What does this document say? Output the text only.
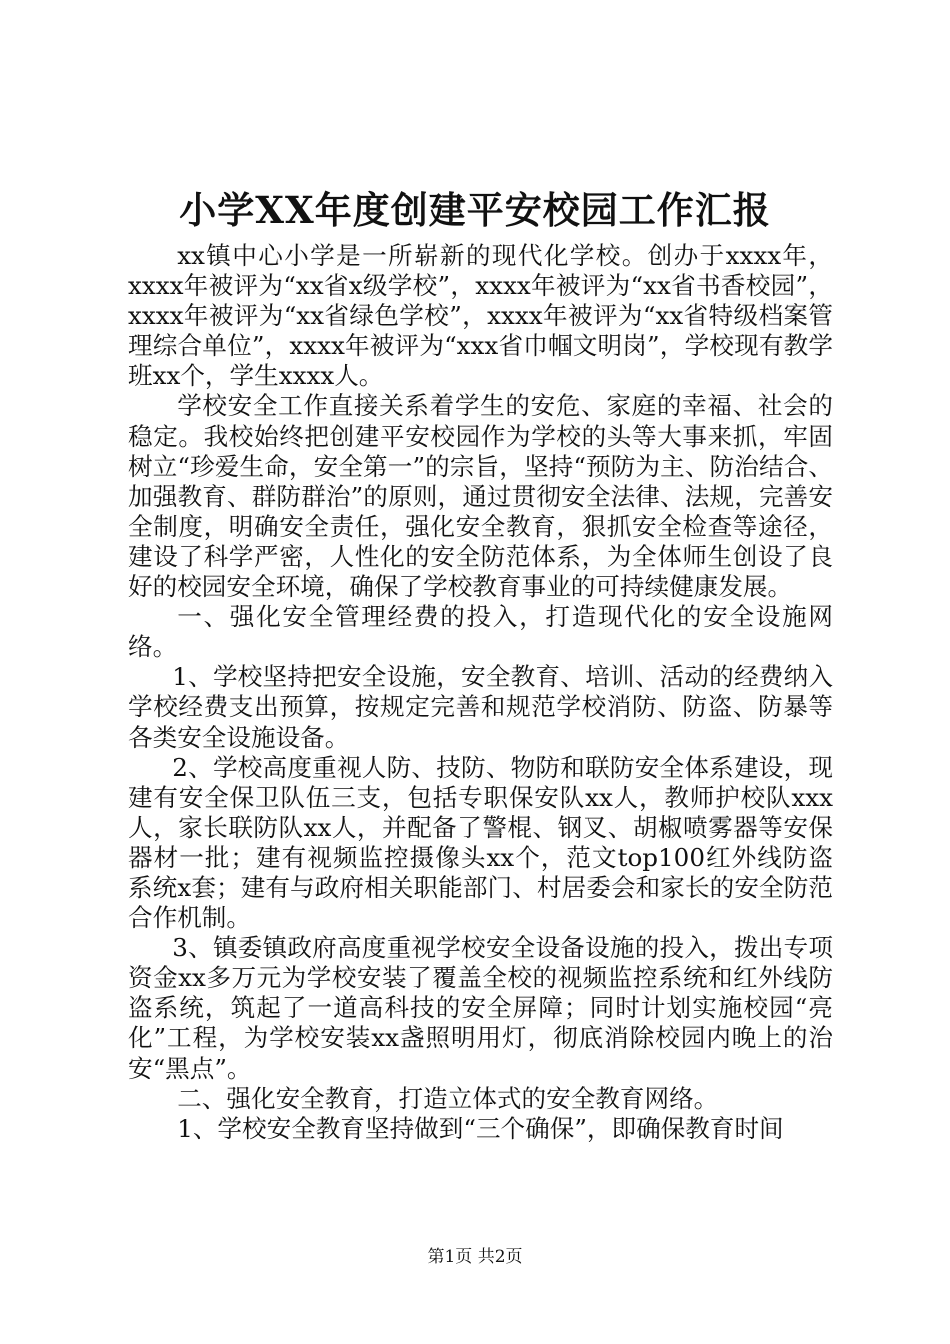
小学XX年度创建平安校园工作汇报

xx镇中心小学是一所崭新的现代化学校。创办于xxxx年，xxxx年被评为“xx省x级学校”，xxxx年被评为“xx省书香校园”，xxxx年被评为“xx省绿色学校”，xxxx年被评为“xx省特级档案管理综合单位”，xxxx年被评为“xxx省巾帼文明岗”，学校现有教学班xx个，学生xxxx人。

学校安全工作直接关系着学生的安危、家庭的幸福、社会的稳定。我校始终把创建平安校园作为学校的头等大事来抓，牢固树立“珍爱生命，安全第一”的宗旨，坚持“预防为主、防治结合、加强教育、群防群治”的原则，通过贯彻安全法律、法规，完善安全制度，明确安全责任，强化安全教育，狠抓安全检查等途径，建设了科学严密，人性化的安全防范体系，为全体师生创设了良好的校园安全环境，确保了学校教育事业的可持续健康发展。

一、强化安全管理经费的投入，打造现代化的安全设施网络。

1、学校坚持把安全设施，安全教育、培训、活动的经费纳入学校经费支出预算，按规定完善和规范学校消防、防盗、防暴等各类安全设施设备。

2、学校高度重视人防、技防、物防和联防安全体系建设，现建有安全保卫队伍三支，包括专职保安队xx人，教师护校队xxx人，家长联防队xx人，并配备了警棍、钢叉、胡椒喷雾器等安保器材一批；建有视频监控摄像头xx个，范文top100红外线防盗系统x套；建有与政府相关职能部门、村居委会和家长的安全防范合作机制。

3、镇委镇政府高度重视学校安全设备设施的投入，拨出专项资金xx多万元为学校安装了覆盖全校的视频监控系统和红外线防盗系统，筑起了一道高科技的安全屏障；同时计划实施校园“亮化”工程，为学校安装xx盏照明用灯，彻底消除校园内晚上的治安“黑点”。

二、强化安全教育，打造立体式的安全教育网络。

1、学校安全教育坚持做到“三个确保”，即确保教育时间

第1页 共2页
